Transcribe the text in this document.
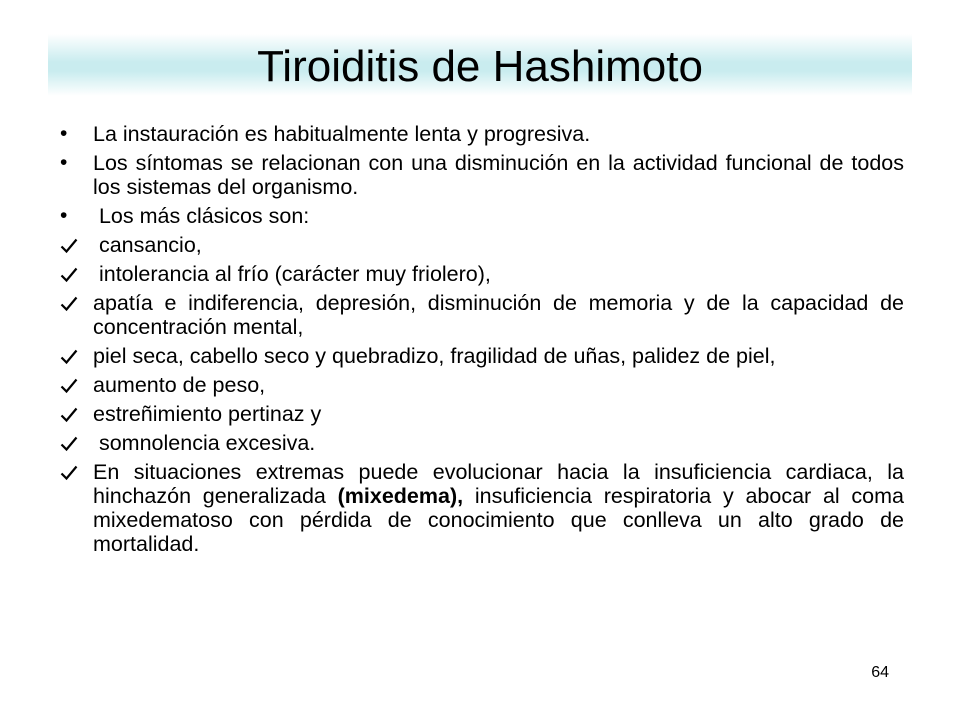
Tiroiditis de Hashimoto
•	La instauración es habitualmente lenta y progresiva.
•	Los síntomas se relacionan con una disminución en la actividad funcional de todos los sistemas del organismo.
•	Los más clásicos son:
cansancio,
intolerancia al frío (carácter muy friolero),
apatía e indiferencia, depresión, disminución de memoria y de la capacidad de concentración mental,
piel seca, cabello seco y quebradizo, fragilidad de uñas, palidez de piel,
aumento de peso,
estreñimiento pertinaz y
somnolencia excesiva.
En situaciones extremas puede evolucionar hacia la insuficiencia cardiaca, la hinchazón generalizada (mixedema), insuficiencia respiratoria y abocar al coma mixedematoso con pérdida de conocimiento que conlleva un alto grado de mortalidad.
64
